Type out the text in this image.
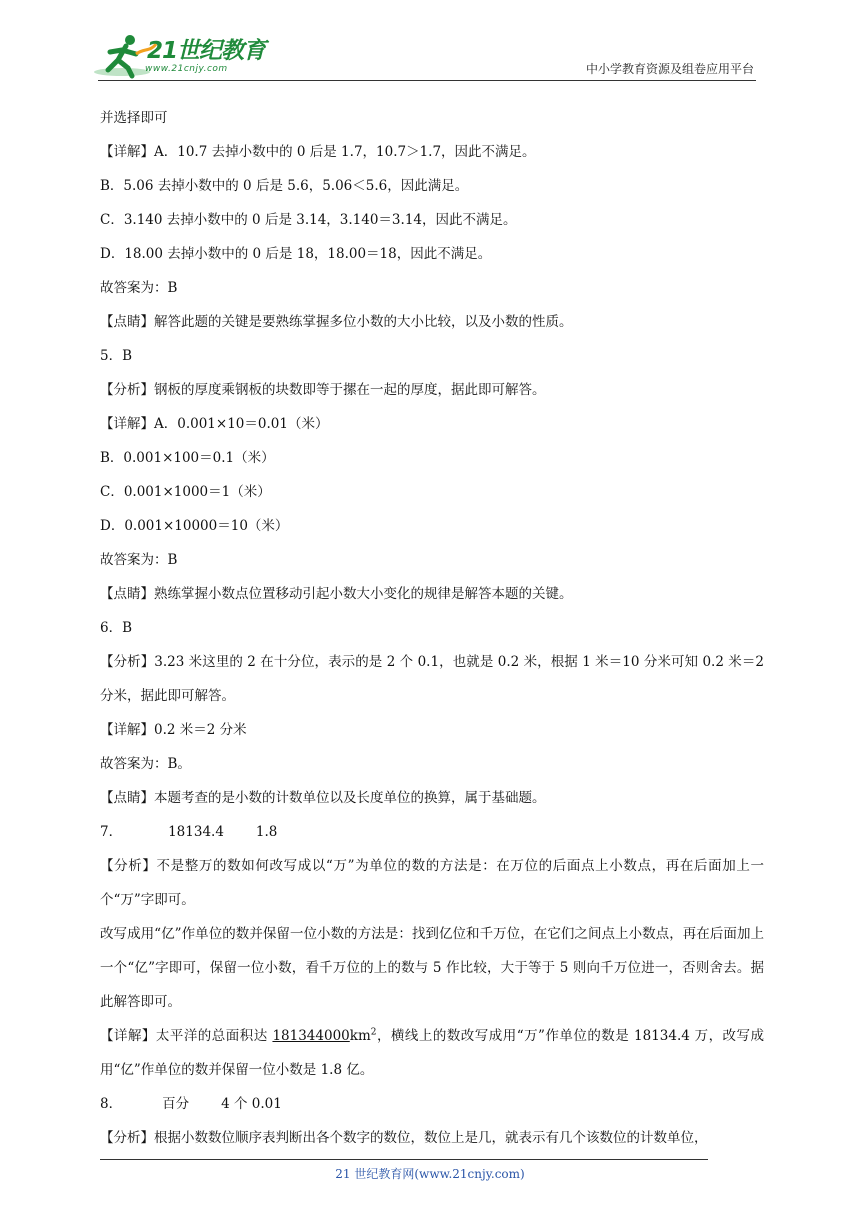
21世纪教育
www.21cnjy.com	中小学教育资源及组卷应用平台

并选择即可

【详解】A．10.7 去掉小数中的 0 后是 1.7，10.7＞1.7，因此不满足。

B．5.06 去掉小数中的 0 后是 5.6，5.06＜5.6，因此满足。

C．3.140 去掉小数中的 0 后是 3.14，3.140＝3.14，因此不满足。

D．18.00 去掉小数中的 0 后是 18，18.00＝18，因此不满足。

故答案为：B

【点睛】解答此题的关键是要熟练掌握多位小数的大小比较，以及小数的性质。

5．B

【分析】钢板的厚度乘钢板的块数即等于摞在一起的厚度，据此即可解答。

【详解】A．0.001×10＝0.01（米）

B．0.001×100＝0.1（米）

C．0.001×1000＝1（米）

D．0.001×10000＝10（米）

故答案为：B

【点睛】熟练掌握小数点位置移动引起小数大小变化的规律是解答本题的关键。

6．B

【分析】3.23 米这里的 2 在十分位，表示的是 2 个 0.1，也就是 0.2 米，根据 1 米＝10 分米可知 0.2 米＝2 分米，据此即可解答。

【详解】0.2 米＝2 分米

故答案为：B。

【点睛】本题考查的是小数的计数单位以及长度单位的换算，属于基础题。

7．	18134.4 1.8

【分析】不是整万的数如何改写成以“万”为单位的数的方法是：在万位的后面点上小数点，再在后面加上一个“万”字即可。

改写成用“亿”作单位的数并保留一位小数的方法是：找到亿位和千万位，在它们之间点上小数点，再在后面加上一个“亿”字即可，保留一位小数，看千万位的上的数与 5 作比较，大于等于 5 则向千万位进一，否则舍去。据此解答即可。

【详解】太平洋的总面积达 $181344000km^2$，横线上的数改写成用“万”作单位的数是 18134.4 万，改写成用“亿”作单位的数并保留一位小数是 1.8 亿。

8．	百分 4 个 0.01

【分析】根据小数数位顺序表判断出各个数字的数位，数位上是几，就表示有几个该数位的计数单位，

21 世纪教育网(www.21cnjy.com)
